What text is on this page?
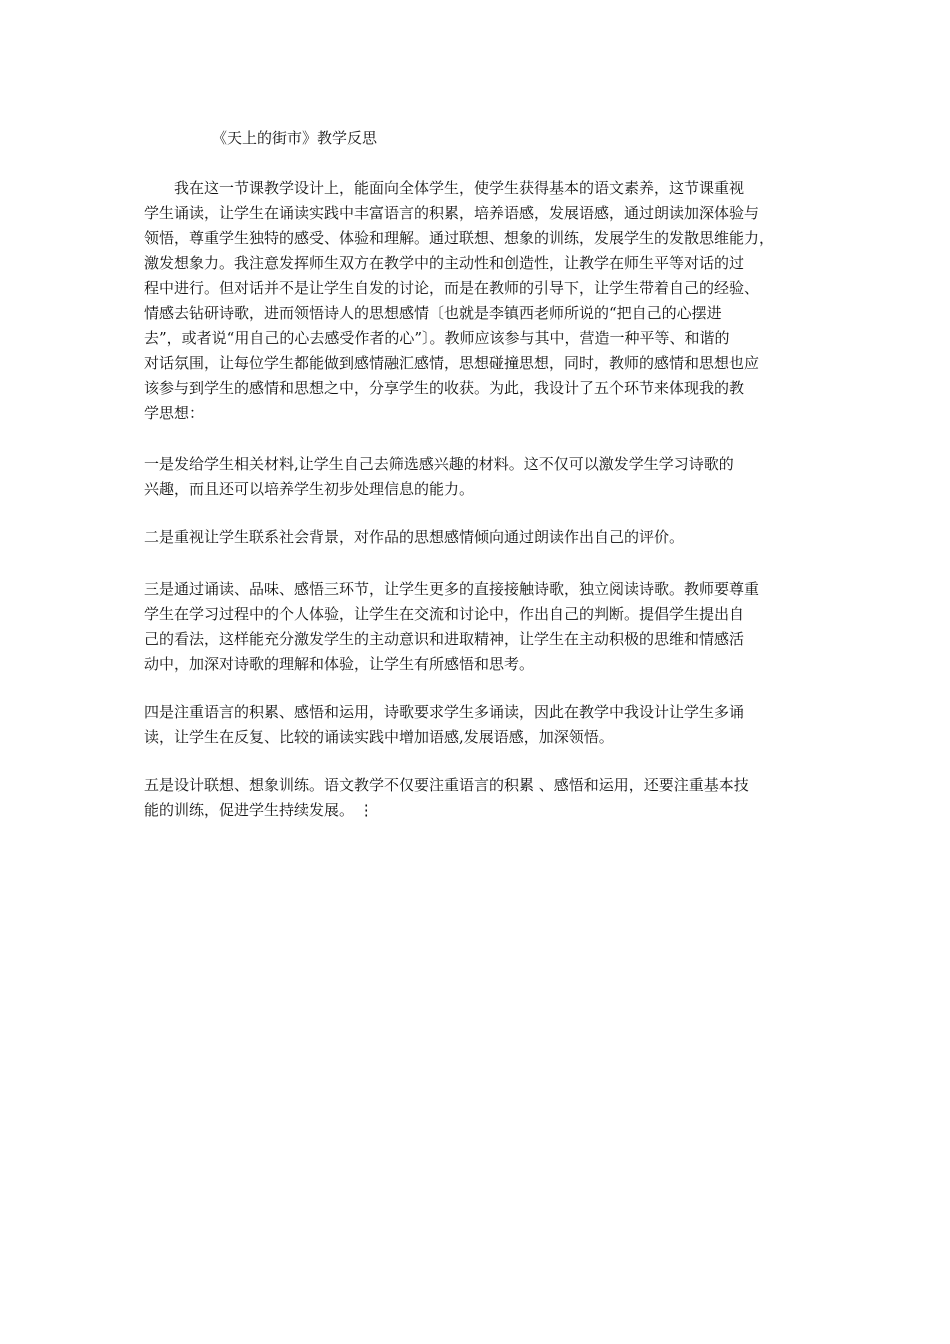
《天上的街市》教学反思
　　我在这一节课教学设计上，能面向全体学生，使学生获得基本的语文素养，这节课重视
学生诵读，让学生在诵读实践中丰富语言的积累，培养语感，发展语感，通过朗读加深体验与
领悟，尊重学生独特的感受、体验和理解。通过联想、想象的训练，发展学生的发散思维能力，
激发想象力。我注意发挥师生双方在教学中的主动性和创造性，让教学在师生平等对话的过
程中进行。但对话并不是让学生自发的讨论，而是在教师的引导下，让学生带着自己的经验、
情感去钻研诗歌，进而领悟诗人的思想感情〔也就是李镇西老师所说的“把自己的心摆进
去”，或者说“用自己的心去感受作者的心”〕。教师应该参与其中，营造一种平等、和谐的
对话氛围，让每位学生都能做到感情融汇感情，思想碰撞思想，同时，教师的感情和思想也应
该参与到学生的感情和思想之中，分享学生的收获。为此，我设计了五个环节来体现我的教
学思想：
一是发给学生相关材料,让学生自己去筛选感兴趣的材料。这不仅可以激发学生学习诗歌的
兴趣，而且还可以培养学生初步处理信息的能力。
二是重视让学生联系社会背景，对作品的思想感情倾向通过朗读作出自己的评价。
三是通过诵读、品味、感悟三环节，让学生更多的直接接触诗歌，独立阅读诗歌。教师要尊重
学生在学习过程中的个人体验，让学生在交流和讨论中，作出自己的判断。提倡学生提出自
己的看法，这样能充分激发学生的主动意识和进取精神，让学生在主动积极的思维和情感活
动中，加深对诗歌的理解和体验，让学生有所感悟和思考。
四是注重语言的积累、感悟和运用，诗歌要求学生多诵读，因此在教学中我设计让学生多诵
读，让学生在反复、比较的诵读实践中增加语感,发展语感，加深领悟。
五是设计联想、想象训练。语文教学不仅要注重语言的积累 、感悟和运用，还要注重基本技
能的训练，促进学生持续发展。 ⋮
